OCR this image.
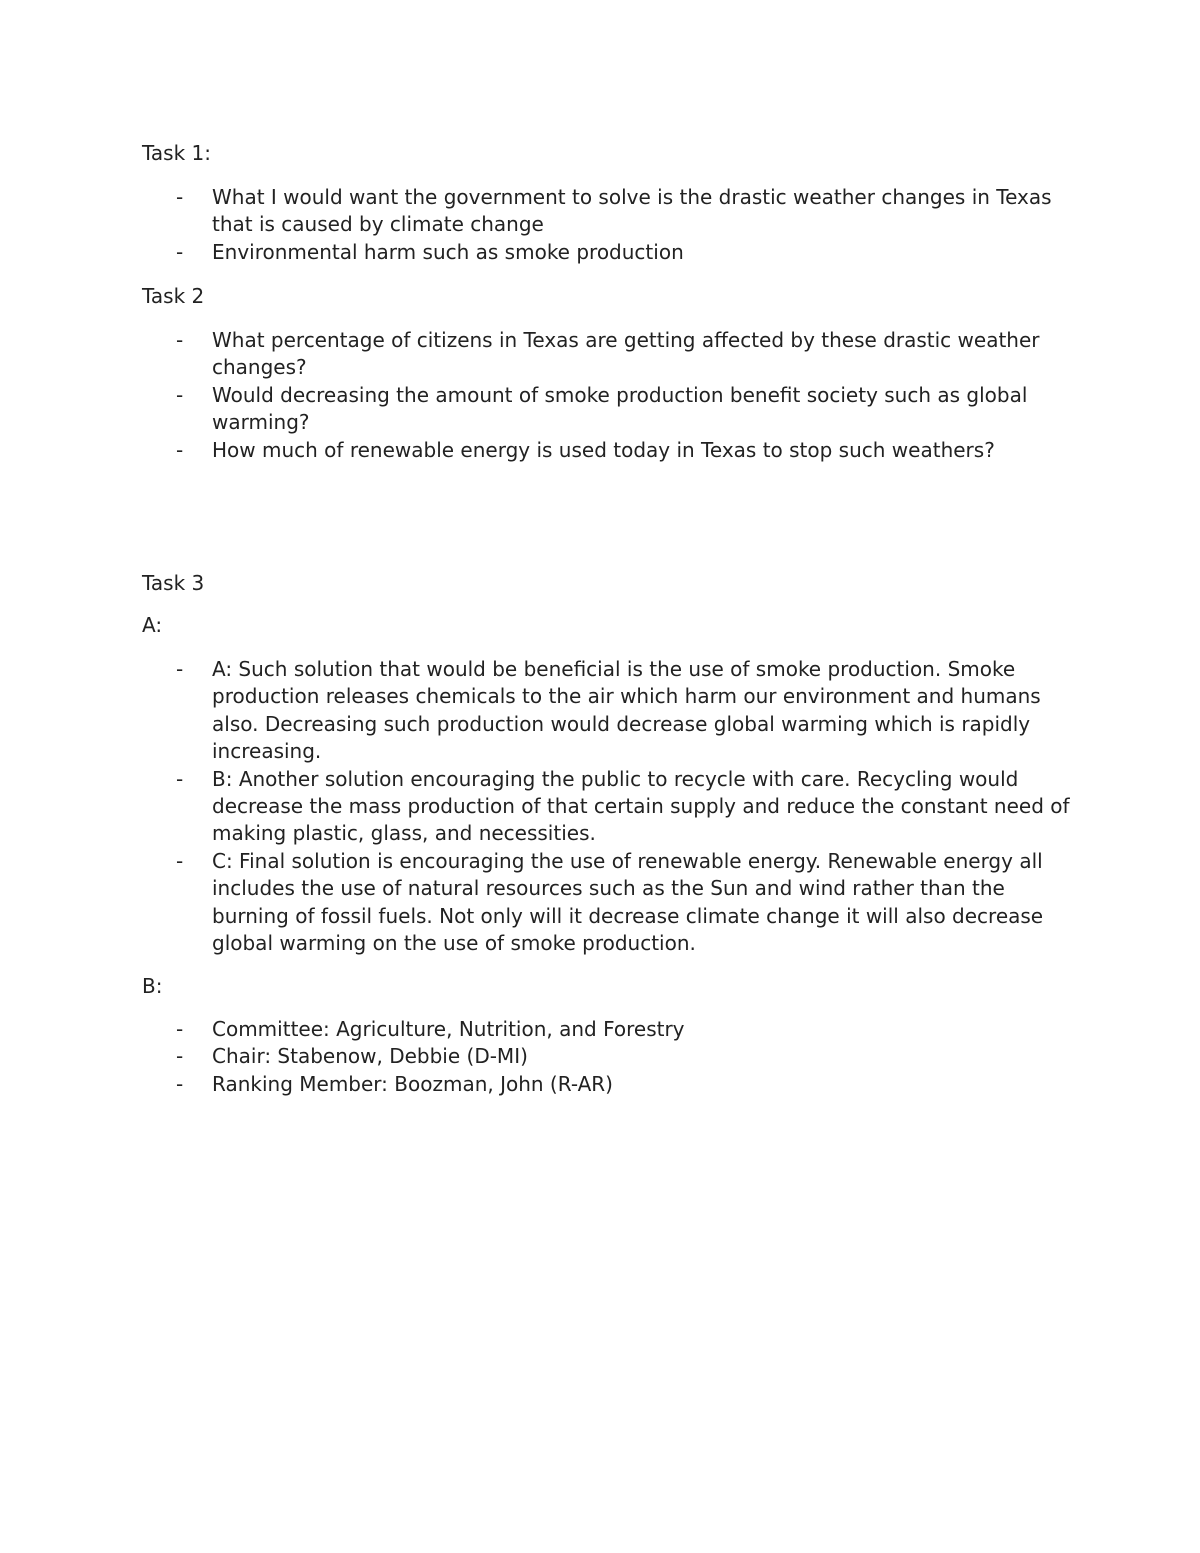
Task 1:
- What I would want the government to solve is the drastic weather changes in Texas that is caused by climate change
- Environmental harm such as smoke production
Task 2
- What percentage of citizens in Texas are getting affected by these drastic weather changes?
- Would decreasing the amount of smoke production benefit society such as global warming?
- How much of renewable energy is used today in Texas to stop such weathers?
Task 3
A:
- A: Such solution that would be beneficial is the use of smoke production. Smoke production releases chemicals to the air which harm our environment and humans also. Decreasing such production would decrease global warming which is rapidly increasing.
- B: Another solution encouraging the public to recycle with care. Recycling would decrease the mass production of that certain supply and reduce the constant need of making plastic, glass, and necessities.
- C: Final solution is encouraging the use of renewable energy. Renewable energy all includes the use of natural resources such as the Sun and wind rather than the burning of fossil fuels. Not only will it decrease climate change it will also decrease global warming on the use of smoke production.
B:
- Committee: Agriculture, Nutrition, and Forestry
- Chair: Stabenow, Debbie (D-MI)
- Ranking Member: Boozman, John (R-AR)
